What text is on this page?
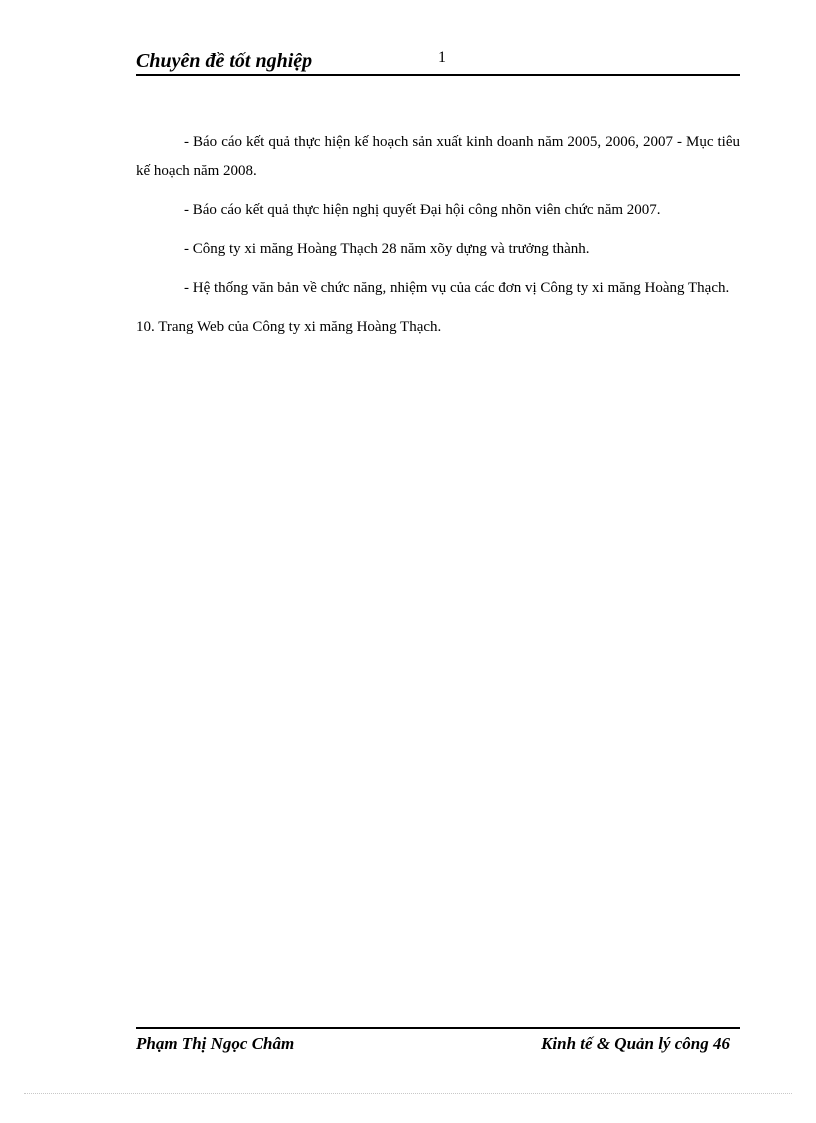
Chuyên đề tốt nghiệp	1

- Báo cáo kết quả thực hiện kế hoạch sản xuất kinh doanh năm 2005, 2006, 2007 - Mục tiêu kế hoạch năm 2008.

- Báo cáo kết quả thực hiện nghị quyết Đại hội công nhõn viên chức năm 2007.

- Công ty xi măng Hoàng Thạch 28 năm xõy dựng và trưởng thành.

- Hệ thống văn bản về chức năng, nhiệm vụ của các đơn vị Công ty xi măng Hoàng Thạch.

10. Trang Web của Công ty xi măng Hoàng Thạch.

Phạm Thị Ngọc Châm	Kinh tế & Quản lý công 46
